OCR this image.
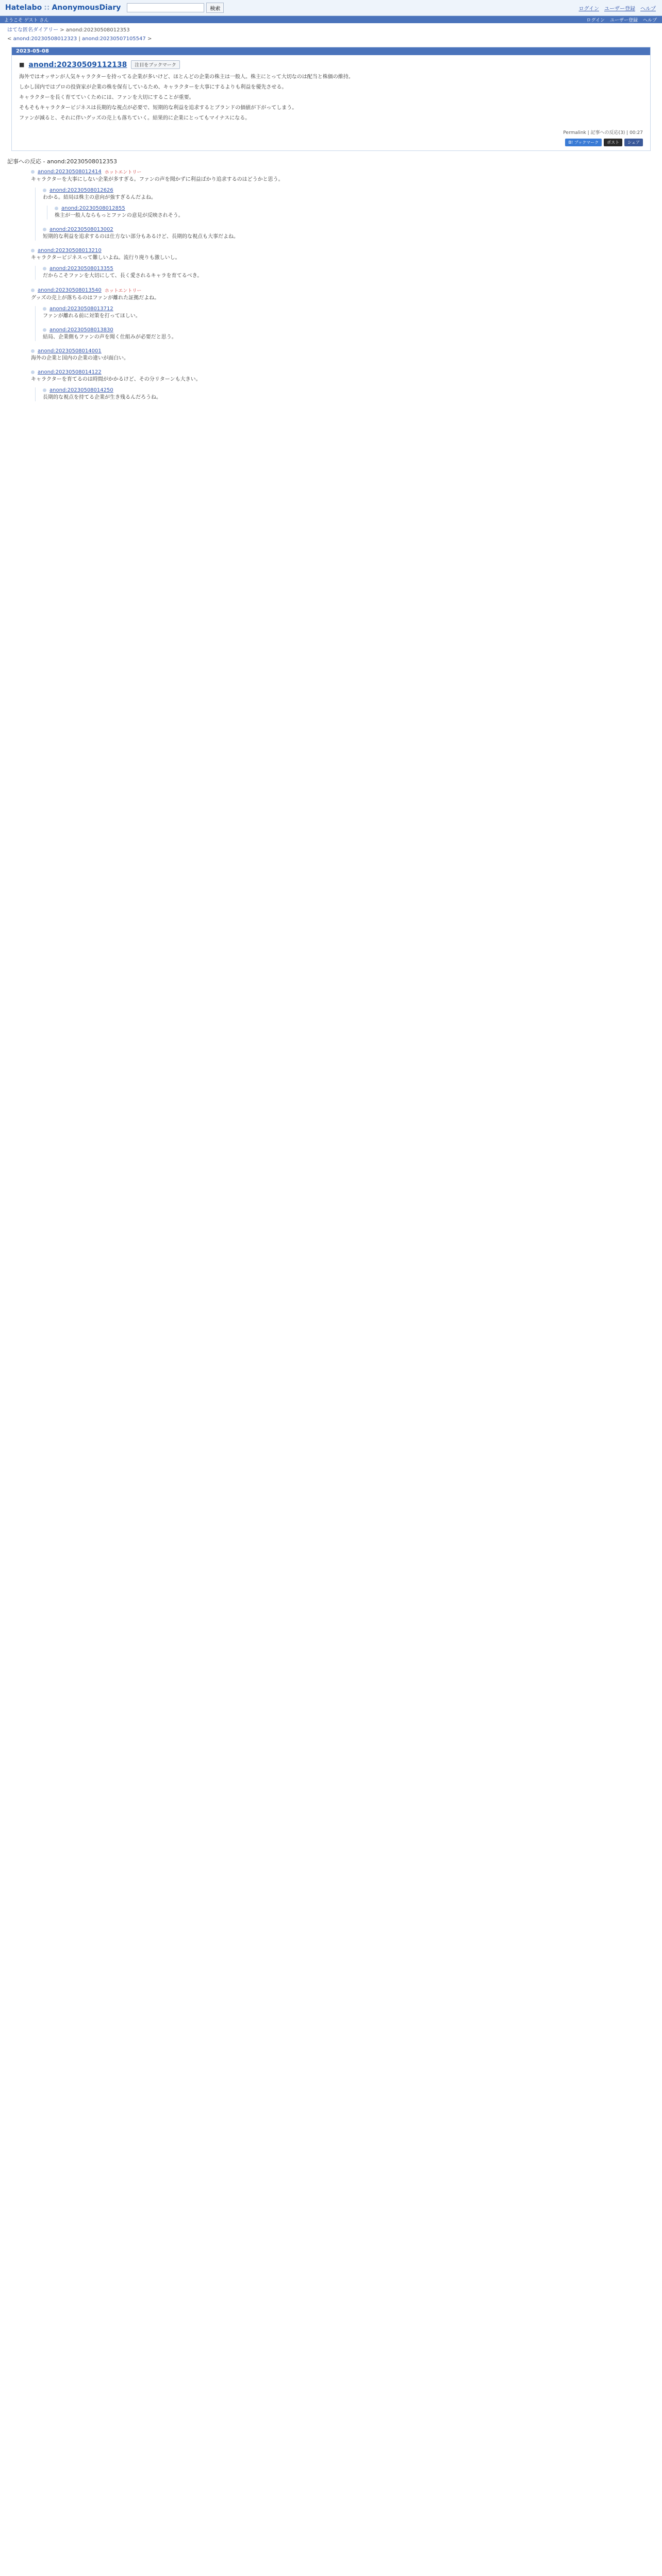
Hatelabo :: AnonymousDiary	検索	ログイン ユーザー登録 ヘルプ
ようこそ ゲスト さん	ログイン ユーザー登録 ヘルプ
はてな匿名ダイアリー > anond:20230508012353
< anond:20230508012323 | anond:20230507105547 >
2023-05-08
■ anond:20230509112138	注目をブックマーク

海外ではオッサンが人気キャラクターを持ってる企業が多いけど、ほとんどの企業の株主は一般人。株主にとって大切なのは配当と株価の維持。

しかし国内ではプロの投資家が企業の株を保有しているため、キャラクターを大事にするよりも利益を優先させる。

キャラクターを長く育てていくためには、ファンを大切にすることが重要。

そもそもキャラクタービジネスは長期的な視点が必要で、短期的な利益を追求するとブランドの価値が下がってしまう。

ファンが減ると、それに伴いグッズの売上も落ちていく。結果的に企業にとってもマイナスになる。

Permalink | 記事への反応(3) | 00:27
B! ブックマーク	ポスト	シェア
記事への反応 - anond:20230508012353
anond:20230508012414 ホットエントリー
キャラクターを大事にしない企業が多すぎる。ファンの声を聞かずに利益ばかり追求するのはどうかと思う。
anond:20230508012626
わかる。結局は株主の意向が強すぎるんだよね。
anond:20230508012855
株主が一般人ならもっとファンの意見が反映されそう。
anond:20230508013002
短期的な利益を追求するのは仕方ない部分もあるけど、長期的な視点も大事だよね。
anond:20230508013210
キャラクタービジネスって難しいよね。流行り廃りも激しいし。
anond:20230508013355
だからこそファンを大切にして、長く愛されるキャラを育てるべき。
anond:20230508013540 ホットエントリー
グッズの売上が落ちるのはファンが離れた証拠だよね。
anond:20230508013712
ファンが離れる前に対策を打ってほしい。
anond:20230508013830
結局、企業側もファンの声を聞く仕組みが必要だと思う。
anond:20230508014001
海外の企業と国内の企業の違いが面白い。
anond:20230508014122
キャラクターを育てるのは時間がかかるけど、その分リターンも大きい。
anond:20230508014250
長期的な視点を持てる企業が生き残るんだろうね。
